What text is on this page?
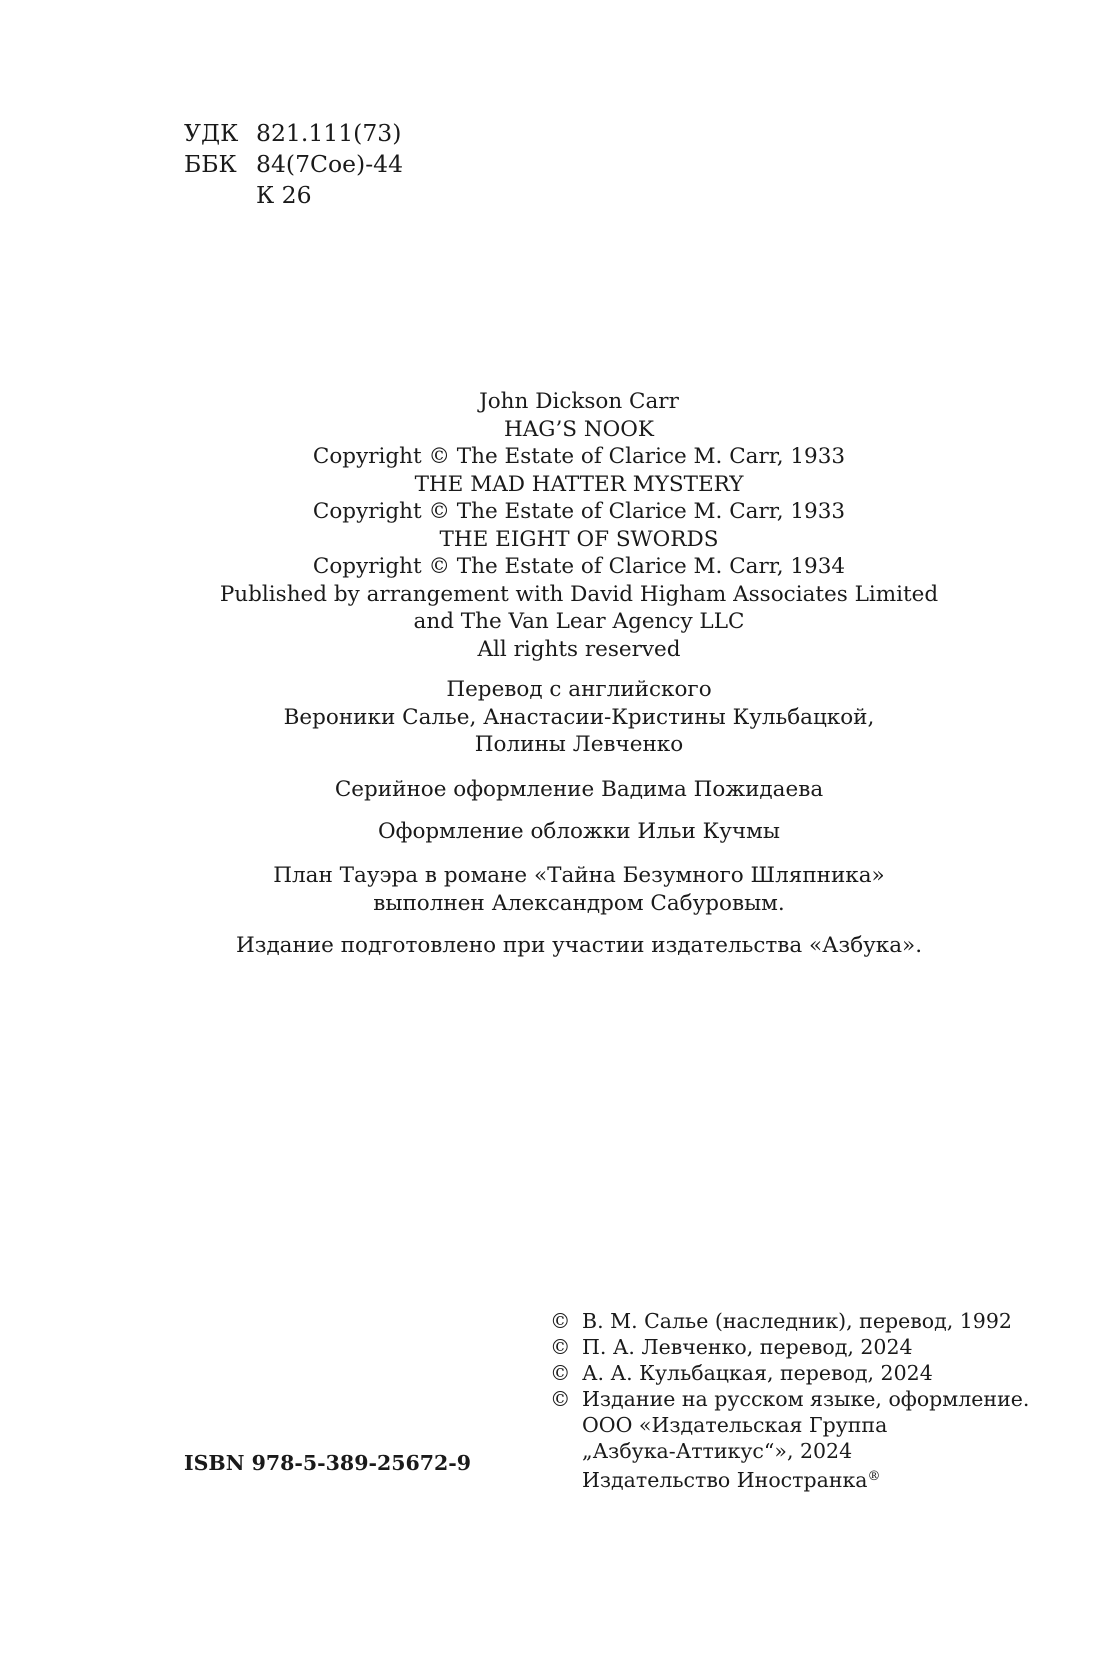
УДК 821.111(73)
ББК 84(7Сое)-44
К 26
John Dickson Carr
HAG’S NOOK
Copyright © The Estate of Clarice M. Carr, 1933
THE MAD HATTER MYSTERY
Copyright © The Estate of Clarice M. Carr, 1933
THE EIGHT OF SWORDS
Copyright © The Estate of Clarice M. Carr, 1934
Published by arrangement with David Higham Associates Limited
and The Van Lear Agency LLC
All rights reserved
Перевод с английского
Вероники Салье, Анастасии-Кристины Кульбацкой,
Полины Левченко
Серийное оформление Вадима Пожидаева
Оформление обложки Ильи Кучмы
План Тауэра в романе «Тайна Безумного Шляпника»
выполнен Александром Сабуровым.
Издание подготовлено при участии издательства «Азбука».
© В. М. Салье (наследник), перевод, 1992
© П. А. Левченко, перевод, 2024
© А. А. Кульбацкая, перевод, 2024
© Издание на русском языке, оформление.
ООО «Издательская Группа
„Азбука-Аттикус“», 2024
Издательство Иностранка®
ISBN 978-5-389-25672-9
